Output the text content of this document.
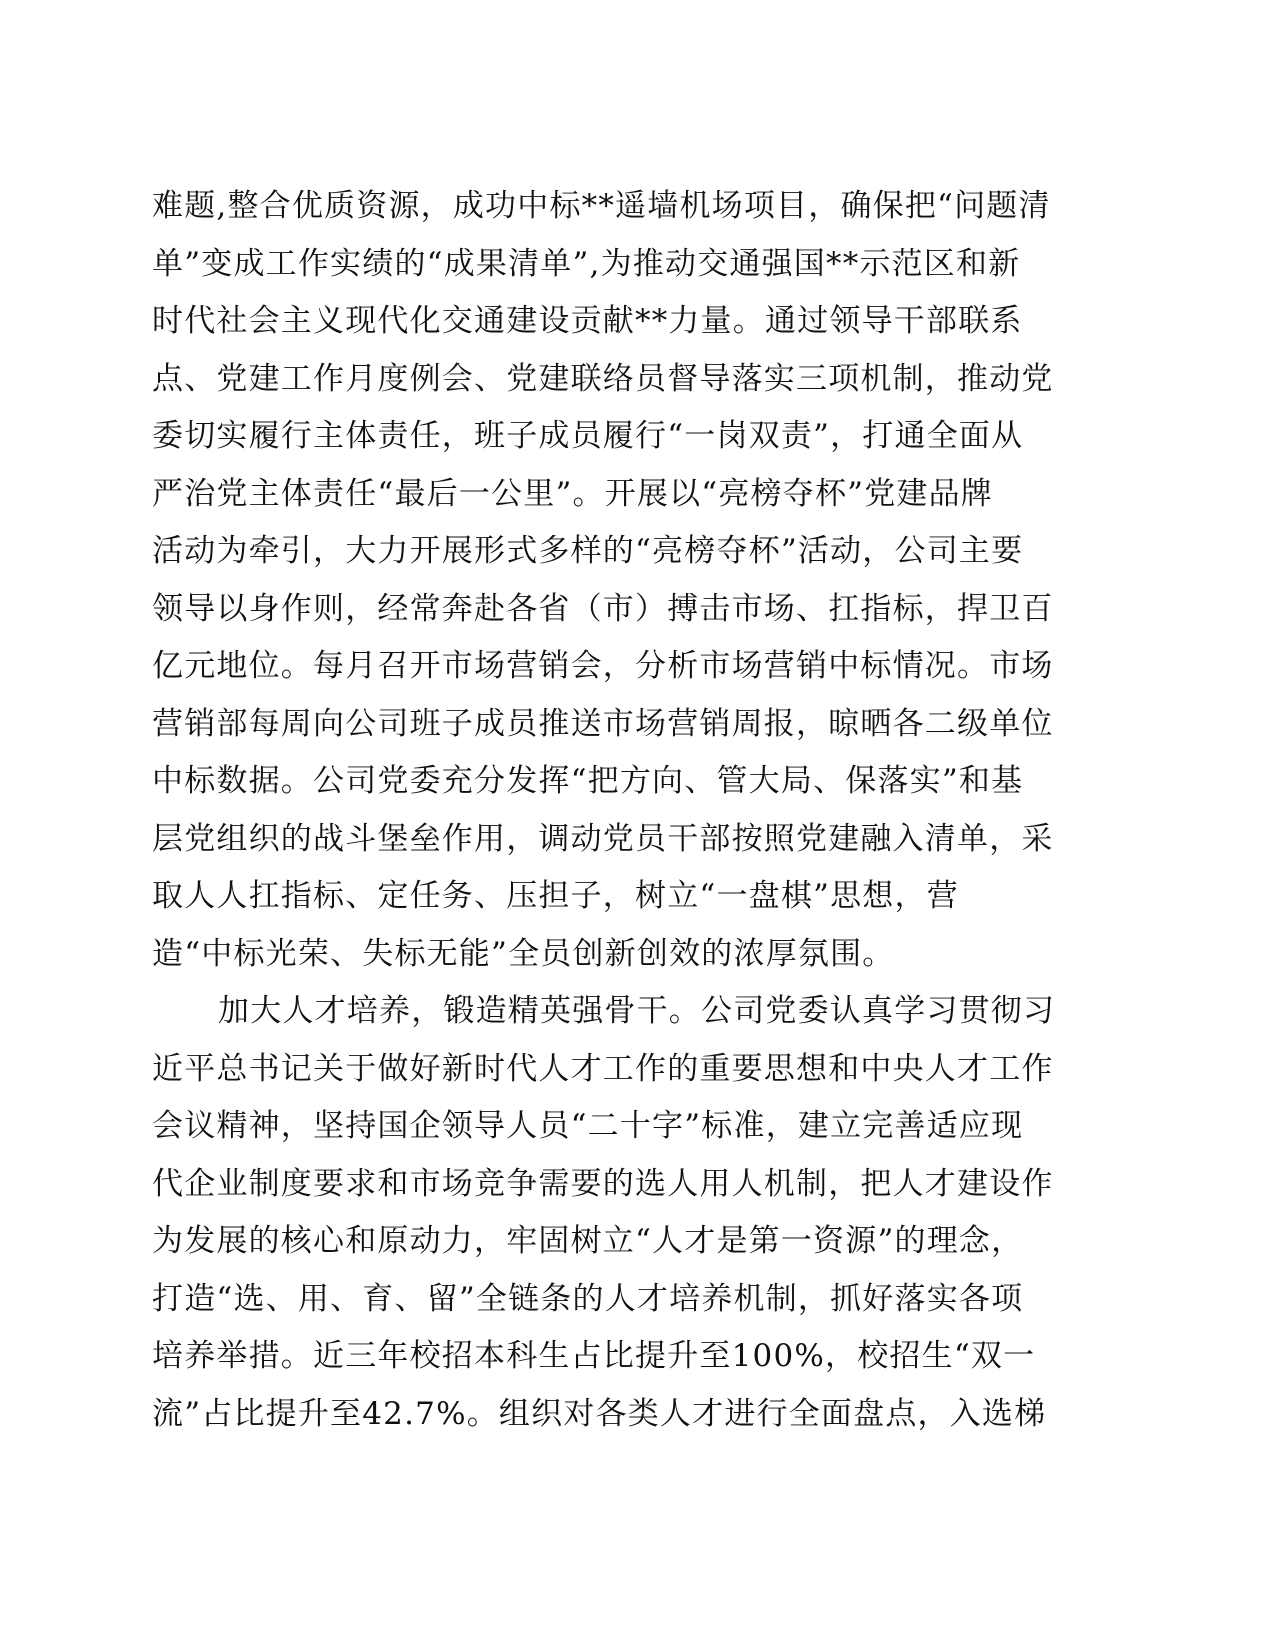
难题,整合优质资源，成功中标**遥墙机场项目，确保把“问题清
单”变成工作实绩的“成果清单”,为推动交通强国**示范区和新
时代社会主义现代化交通建设贡献**力量。通过领导干部联系
点、党建工作月度例会、党建联络员督导落实三项机制，推动党
委切实履行主体责任，班子成员履行“一岗双责”，打通全面从
严治党主体责任“最后一公里”。开展以“亮榜夺杯”党建品牌
活动为牵引，大力开展形式多样的“亮榜夺杯”活动，公司主要
领导以身作则，经常奔赴各省（市）搏击市场、扛指标，捍卫百
亿元地位。每月召开市场营销会，分析市场营销中标情况。市场
营销部每周向公司班子成员推送市场营销周报，晾晒各二级单位
中标数据。公司党委充分发挥“把方向、管大局、保落实”和基
层党组织的战斗堡垒作用，调动党员干部按照党建融入清单，采
取人人扛指标、定任务、压担子，树立“一盘棋”思想，营
造“中标光荣、失标无能”全员创新创效的浓厚氛围。
加大人才培养，锻造精英强骨干。公司党委认真学习贯彻习
近平总书记关于做好新时代人才工作的重要思想和中央人才工作
会议精神，坚持国企领导人员“二十字”标准，建立完善适应现
代企业制度要求和市场竞争需要的选人用人机制，把人才建设作
为发展的核心和原动力，牢固树立“人才是第一资源”的理念，
打造“选、用、育、留”全链条的人才培养机制，抓好落实各项
培养举措。近三年校招本科生占比提升至100%，校招生“双一
流”占比提升至42.7%。组织对各类人才进行全面盘点，入选梯
